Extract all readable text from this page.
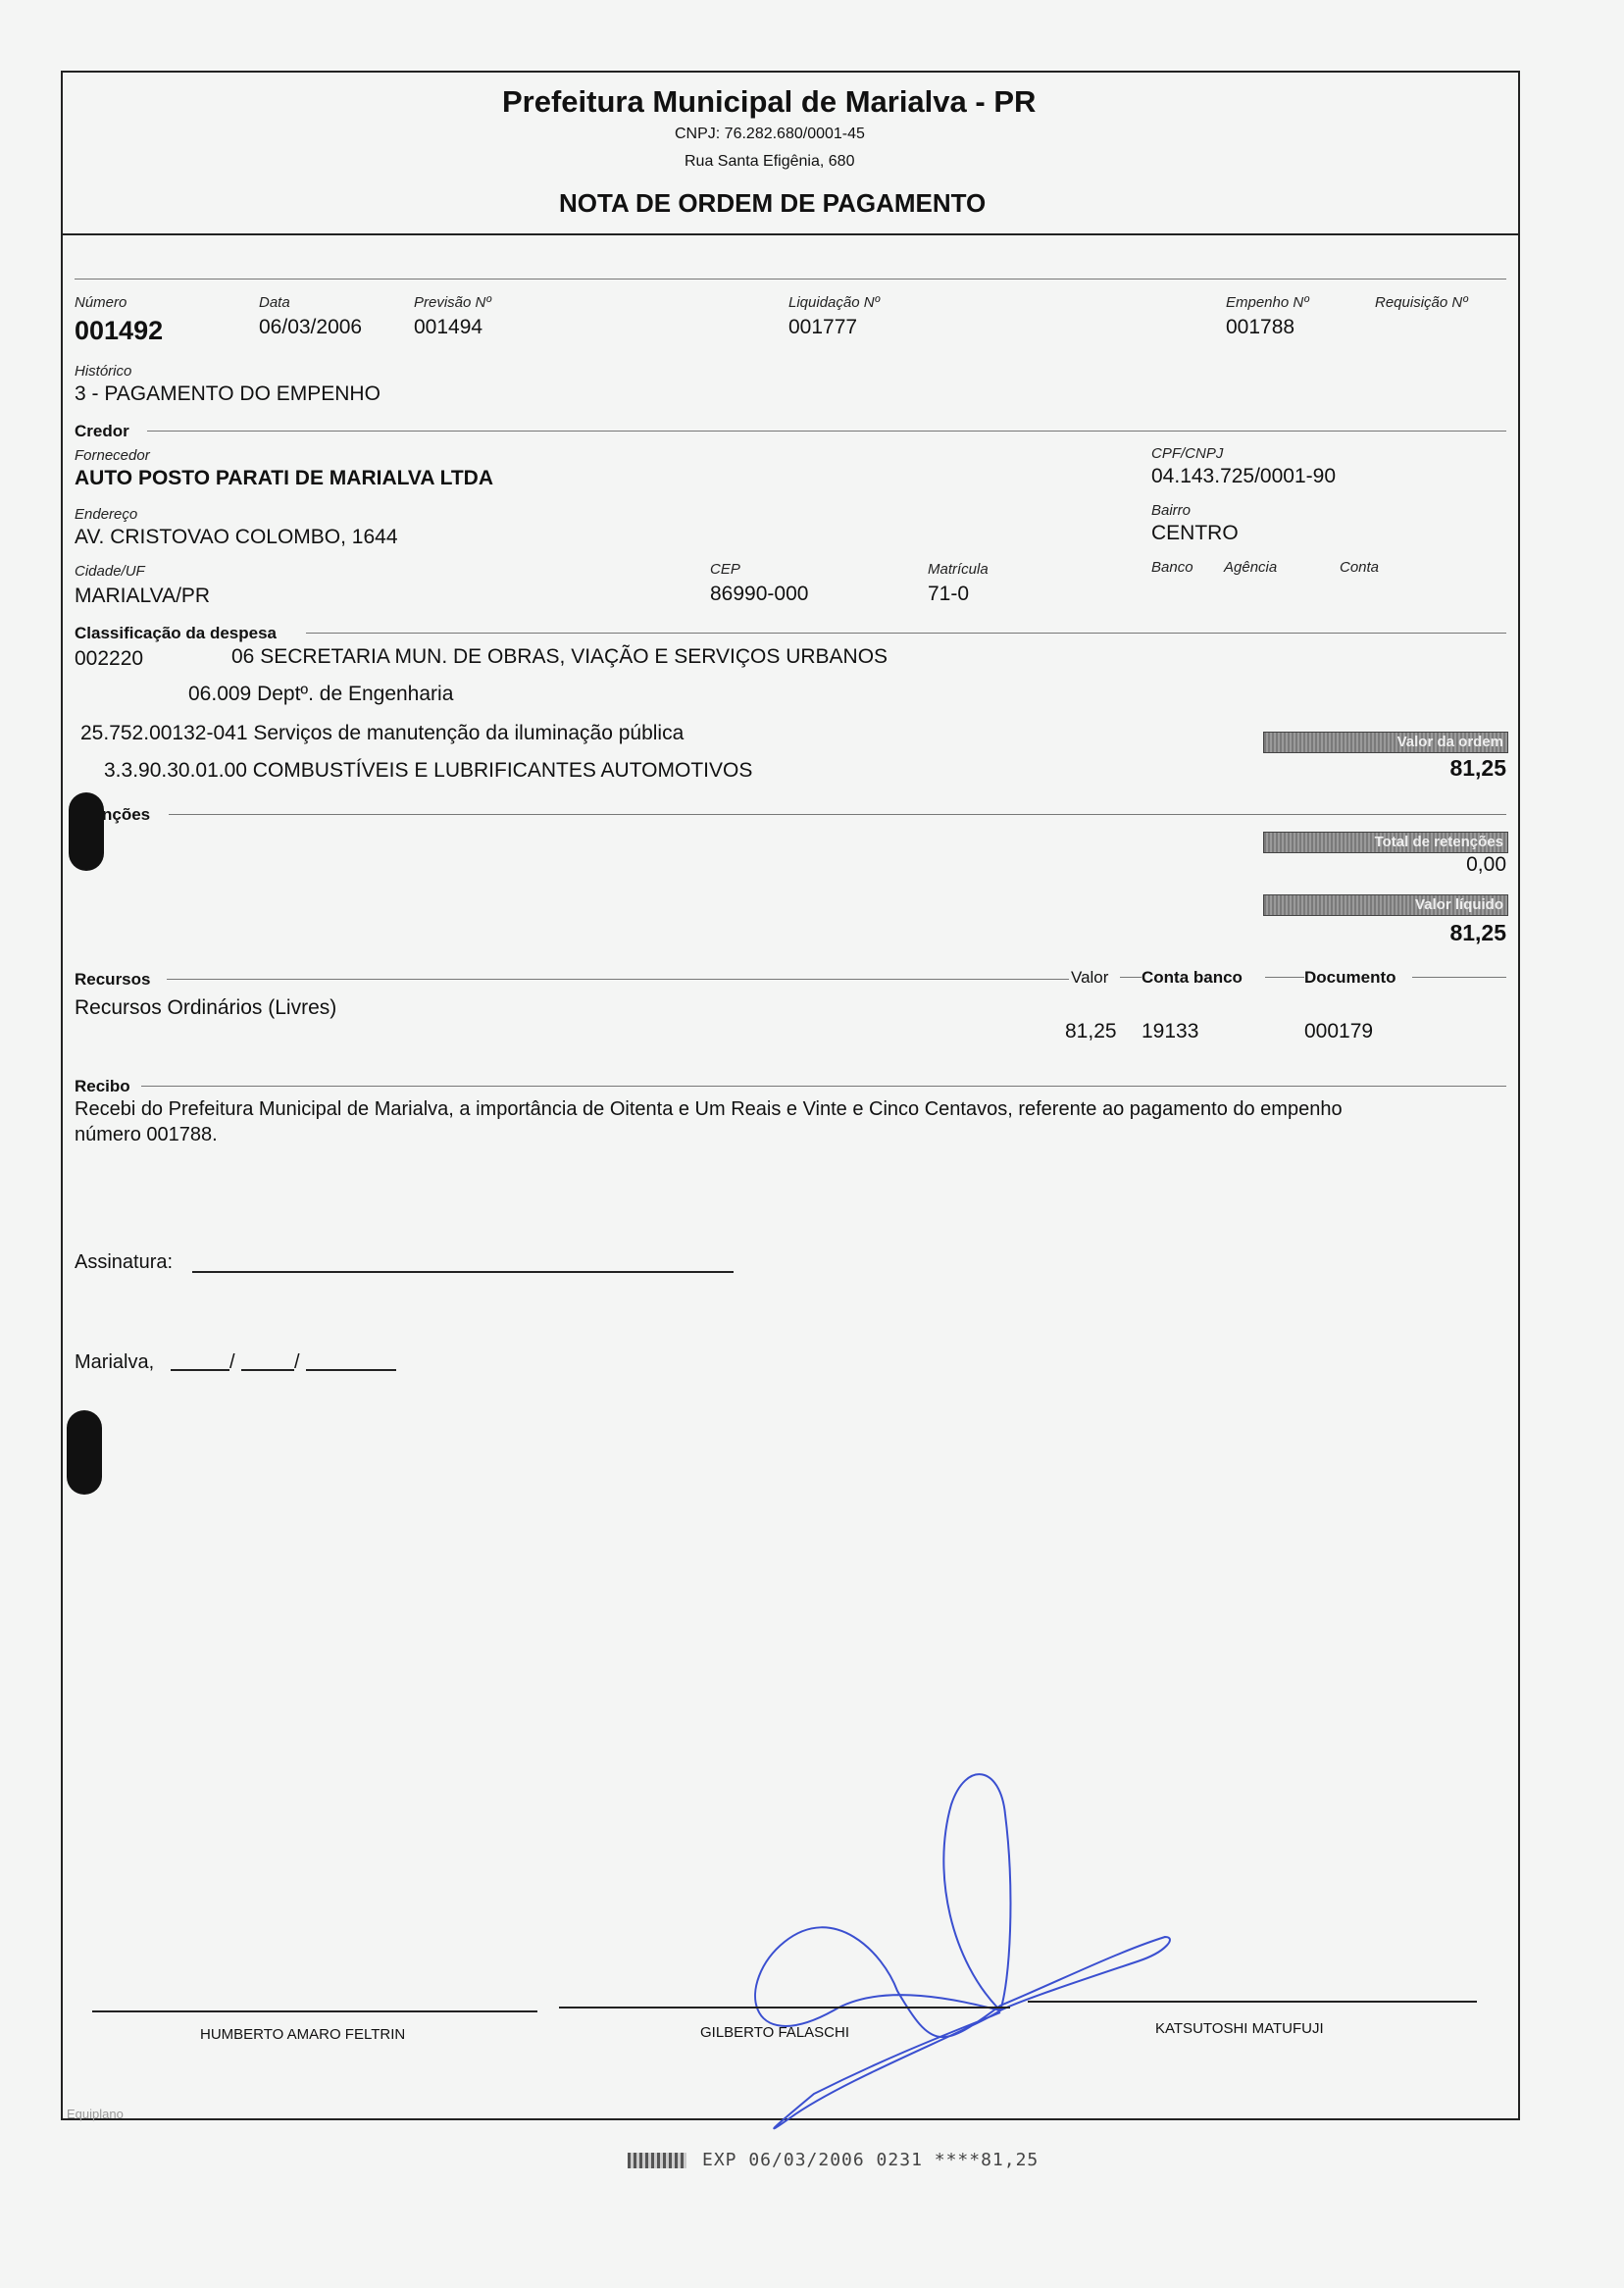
Prefeitura Municipal de Marialva - PR
CNPJ: 76.282.680/0001-45
Rua Santa Efigênia, 680
NOTA DE ORDEM DE PAGAMENTO
Número
001492
Data
06/03/2006
Previsão Nº
001494
Liquidação Nº
001777
Empenho Nº
001788
Requisição Nº
Histórico
3 - PAGAMENTO DO EMPENHO
Credor
Fornecedor
AUTO POSTO PARATI DE MARIALVA LTDA
CPF/CNPJ
04.143.725/0001-90
Endereço
AV. CRISTOVAO COLOMBO, 1644
Bairro
CENTRO
Cidade/UF
MARIALVA/PR
CEP
86990-000
Matrícula
71-0
Banco Agência	Conta
Classificação da despesa
002220	06 SECRETARIA MUN. DE OBRAS, VIAÇÃO E SERVIÇOS URBANOS
06.009 Deptº. de Engenharia
25.752.00132-041 Serviços de manutenção da iluminação pública
3.3.90.30.01.00 COMBUSTÍVEIS E LUBRIFICANTES AUTOMOTIVOS
Valor da ordem
81,25
nções
Total de retenções
0,00
Valor líquido
81,25
Recursos	Valor Conta banco	Documento
Recursos Ordinários (Livres)
81,25 19133	000179
Recibo
Recebi do Prefeitura Municipal de Marialva, a importância de Oitenta e Um Reais e Vinte e Cinco Centavos, referente ao pagamento do empenho
número 001788.
Assinatura:
Marialva,	/	/
HUMBERTO AMARO FELTRIN	GILBERTO FALASCHI	KATSUTOSHI MATUFUJI
Equiplano
EXP 06/03/2006 0231 ****81,25
